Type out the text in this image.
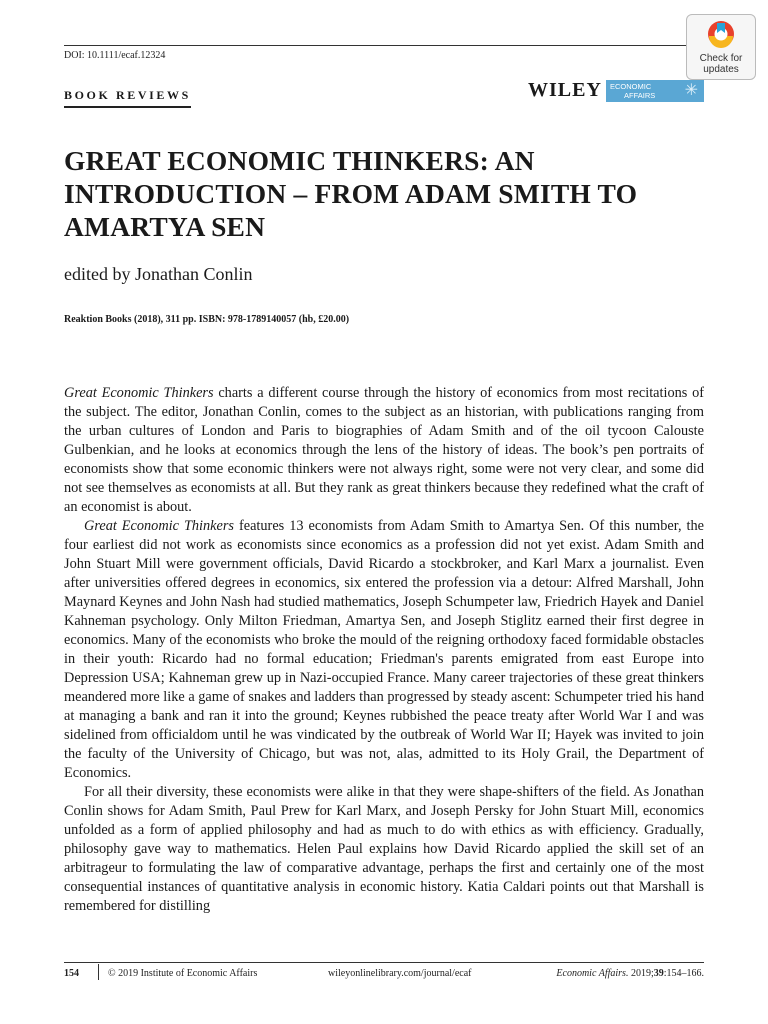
DOI: 10.1111/ecaf.12324	Check for
updates
BOOK REVIEWS	WILEY ECONOMIC
AFFAIRS	✳
GREAT ECONOMIC THINKERS: AN INTRODUCTION – FROM ADAM SMITH TO AMARTYA SEN
edited by Jonathan Conlin
Reaktion Books (2018), 311 pp. ISBN: 978-1789140057 (hb, £20.00)

Great Economic Thinkers charts a different course through the history of economics from most recitations of the subject. The editor, Jonathan Conlin, comes to the subject as an historian, with publications ranging from the urban cultures of London and Paris to biographies of Adam Smith and of the oil tycoon Calouste Gulbenkian, and he looks at economics through the lens of the history of ideas. The book’s pen portraits of economists show that some economic thinkers were not always right, some were not very clear, and some did not see themselves as economists at all. But they rank as great thinkers because they redefined what the craft of an economist is about.

Great Economic Thinkers features 13 economists from Adam Smith to Amartya Sen. Of this number, the four earliest did not work as economists since economics as a profession did not yet exist. Adam Smith and John Stuart Mill were government officials, David Ricardo a stockbroker, and Karl Marx a journalist. Even after universities offered degrees in economics, six entered the profession via a detour: Alfred Marshall, John Maynard Keynes and John Nash had studied mathematics, Joseph Schumpeter law, Friedrich Hayek and Daniel Kahneman psychology. Only Milton Friedman, Amartya Sen, and Joseph Stiglitz earned their first degree in economics. Many of the economists who broke the mould of the reigning orthodoxy faced formidable obstacles in their youth: Ricardo had no formal education; Friedman's parents emigrated from east Europe into Depression USA; Kahneman grew up in Nazi-occupied France. Many career trajectories of these great thinkers meandered more like a game of snakes and ladders than progressed by steady ascent: Schumpeter tried his hand at managing a bank and ran it into the ground; Keynes rubbished the peace treaty after World War I and was sidelined from officialdom until he was vindicated by the outbreak of World War II; Hayek was invited to join the faculty of the University of Chicago, but was not, alas, admitted to its Holy Grail, the Department of Economics.

For all their diversity, these economists were alike in that they were shape-shifters of the field. As Jonathan Conlin shows for Adam Smith, Paul Prew for Karl Marx, and Joseph Persky for John Stuart Mill, economics unfolded as a form of applied philosophy and had as much to do with ethics as with efficiency. Gradually, philosophy gave way to mathematics. Helen Paul explains how David Ricardo applied the skill set of an arbitrageur to formulating the law of comparative advantage, perhaps the first and certainly one of the most consequential instances of quantitative analysis in economic history. Katia Caldari points out that Marshall is remembered for distilling

154	© 2019 Institute of Economic Affairs	wileyonlinelibrary.com/journal/ecaf	Economic Affairs. 2019;39:154–166.
